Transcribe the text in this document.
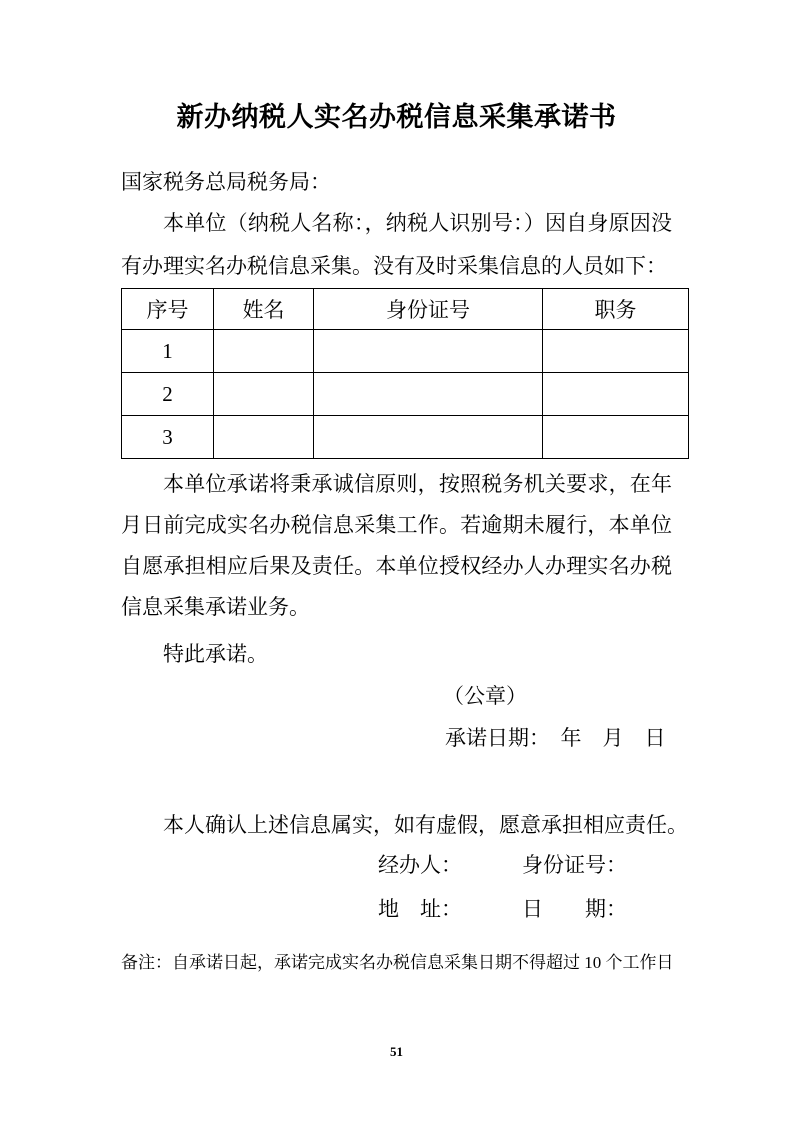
新办纳税人实名办税信息采集承诺书
国家税务总局税务局：

本单位（纳税人名称：，纳税人识别号：）因自身原因没有办理实名办税信息采集。没有及时采集信息的人员如下：

序号	姓名	身份证号	职务
1			
2			
3			

本单位承诺将秉承诚信原则，按照税务机关要求，在年月日前完成实名办税信息采集工作。若逾期未履行，本单位自愿承担相应后果及责任。本单位授权经办人办理实名办税信息采集承诺业务。

特此承诺。
（公章）
承诺日期：　年　月　日
本人确认上述信息属实，如有虚假，愿意承担相应责任。
经办人：	身份证号：
地　址：	日　　期：
备注：自承诺日起，承诺完成实名办税信息采集日期不得超过 10 个工作日
51
